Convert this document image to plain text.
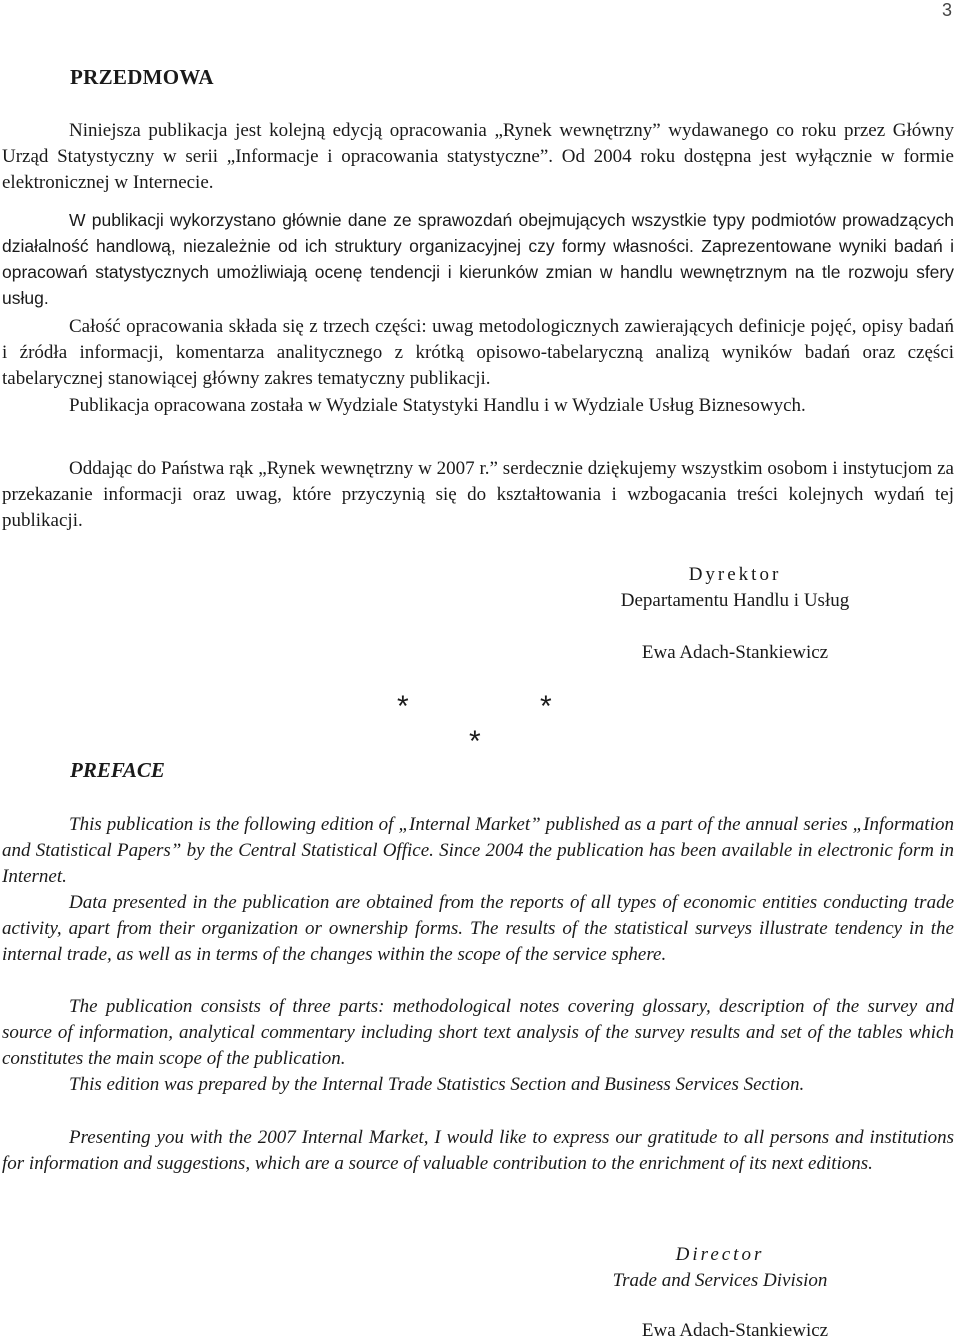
3
PRZEDMOWA

Niniejsza publikacja jest kolejną edycją opracowania „Rynek wewnętrzny” wydawanego co roku przez Główny Urząd Statystyczny w serii „Informacje i opracowania statystyczne”. Od 2004 roku dostępna jest wyłącznie w formie elektronicznej w Internecie.

W publikacji wykorzystano głównie dane ze sprawozdań obejmujących wszystkie typy podmiotów prowadzących działalność handlową, niezależnie od ich struktury organizacyjnej czy formy własności. Zaprezentowane wyniki badań i opracowań statystycznych umożliwiają ocenę tendencji i kierunków zmian w handlu wewnętrznym na tle rozwoju sfery usług.

Całość opracowania składa się z trzech części: uwag metodologicznych zawierających definicje pojęć, opisy badań i źródła informacji, komentarza analitycznego z krótką opisowo-tabelaryczną analizą wyników badań oraz części tabelarycznej stanowiącej główny zakres tematyczny publikacji.

Publikacja opracowana została w Wydziale Statystyki Handlu i w Wydziale Usług Biznesowych.

Oddając do Państwa rąk „Rynek wewnętrzny w 2007 r.” serdecznie dziękujemy wszystkim osobom i instytucjom za przekazanie informacji oraz uwag, które przyczynią się do kształtowania i wzbogacania treści kolejnych wydań tej publikacji.

Dyrektor
Departamentu Handlu i Usług
Ewa Adach-Stankiewicz
*	*
*
PREFACE

This publication is the following edition of „Internal Market” published as a part of the annual series „Information and Statistical Papers” by the Central Statistical Office. Since 2004 the publication has been available in electronic form in Internet.

Data presented in the publication are obtained from the reports of all types of economic entities conducting trade activity, apart from their organization or ownership forms. The results of the statistical surveys illustrate tendency in the internal trade, as well as in terms of the changes within the scope of the service sphere.

The publication consists of three parts: methodological notes covering glossary, description of the survey and source of information, analytical commentary including short text analysis of the survey results and set of the tables which constitutes the main scope of the publication.

This edition was prepared by the Internal Trade Statistics Section and Business Services Section.

Presenting you with the 2007 Internal Market, I would like to express our gratitude to all persons and institutions for information and suggestions, which are a source of valuable contribution to the enrichment of its next editions.

Director
Trade and Services Division
Ewa Adach-Stankiewicz
